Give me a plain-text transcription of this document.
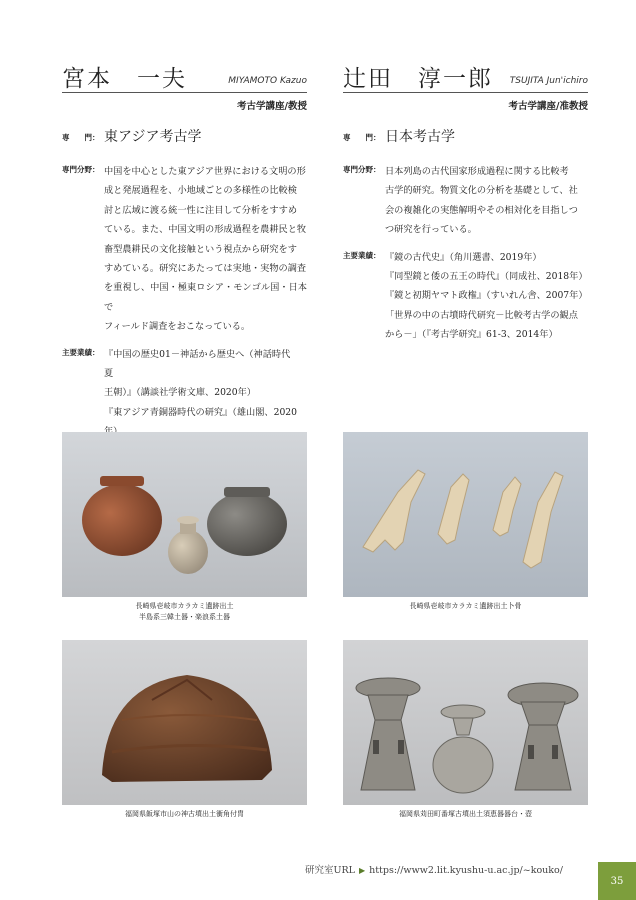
宮本　一夫	MIYAMOTO Kazuo
考古学講座/教授
専　　門： 東アジア考古学
専門分野： 中国を中心とした東アジア世界における文明の形
成と発展過程を、小地域ごとの多様性の比較検
討と広域に渡る統一性に注目して分析をすすめ
ている。また、中国文明の形成過程を農耕民と牧
畜型農耕民の文化接触という視点から研究をす
すめている。研究にあたっては実地・実物の調査
を重視し、中国・極東ロシア・モンゴル国・日本で
フィールド調査をおこなっている。
主要業績： 『中国の歴史01－神話から歴史へ（神話時代　夏
王朝）』（講談社学術文庫、2020年）
『東アジア青銅器時代の研究』（雄山閣、2020
辻田　淳一郎 TSUJITA Jun'ichiro
考古学講座/准教授
専　　門： 日本考古学
専門分野： 日本列島の古代国家形成過程に関する比較考
古学的研究。物質文化の分析を基礎として、社
会の複雑化の実態解明やその相対化を目指しつ
つ研究を行っている。
主要業績： 『鏡の古代史』（角川選書、2019年）
『同型鏡と倭の五王の時代』（同成社、2018年）
『鏡と初期ヤマト政権』（すいれん舎、2007年）
「世界の中の古墳時代研究－比較考古学の観点
から－」（『考古学研究』61-3、2014年）
長崎県壱岐市カラカミ遺跡出土
半島系三韓土器・楽浪系土器
長崎県壱岐市カラカミ遺跡出土卜骨
福岡県飯塚市山の神古墳出土衝角付冑	福岡県苅田町番塚古墳出土須恵器器台・壺
研究室URL ▶ https://www2.lit.kyushu-u.ac.jp/~kouko/
35
